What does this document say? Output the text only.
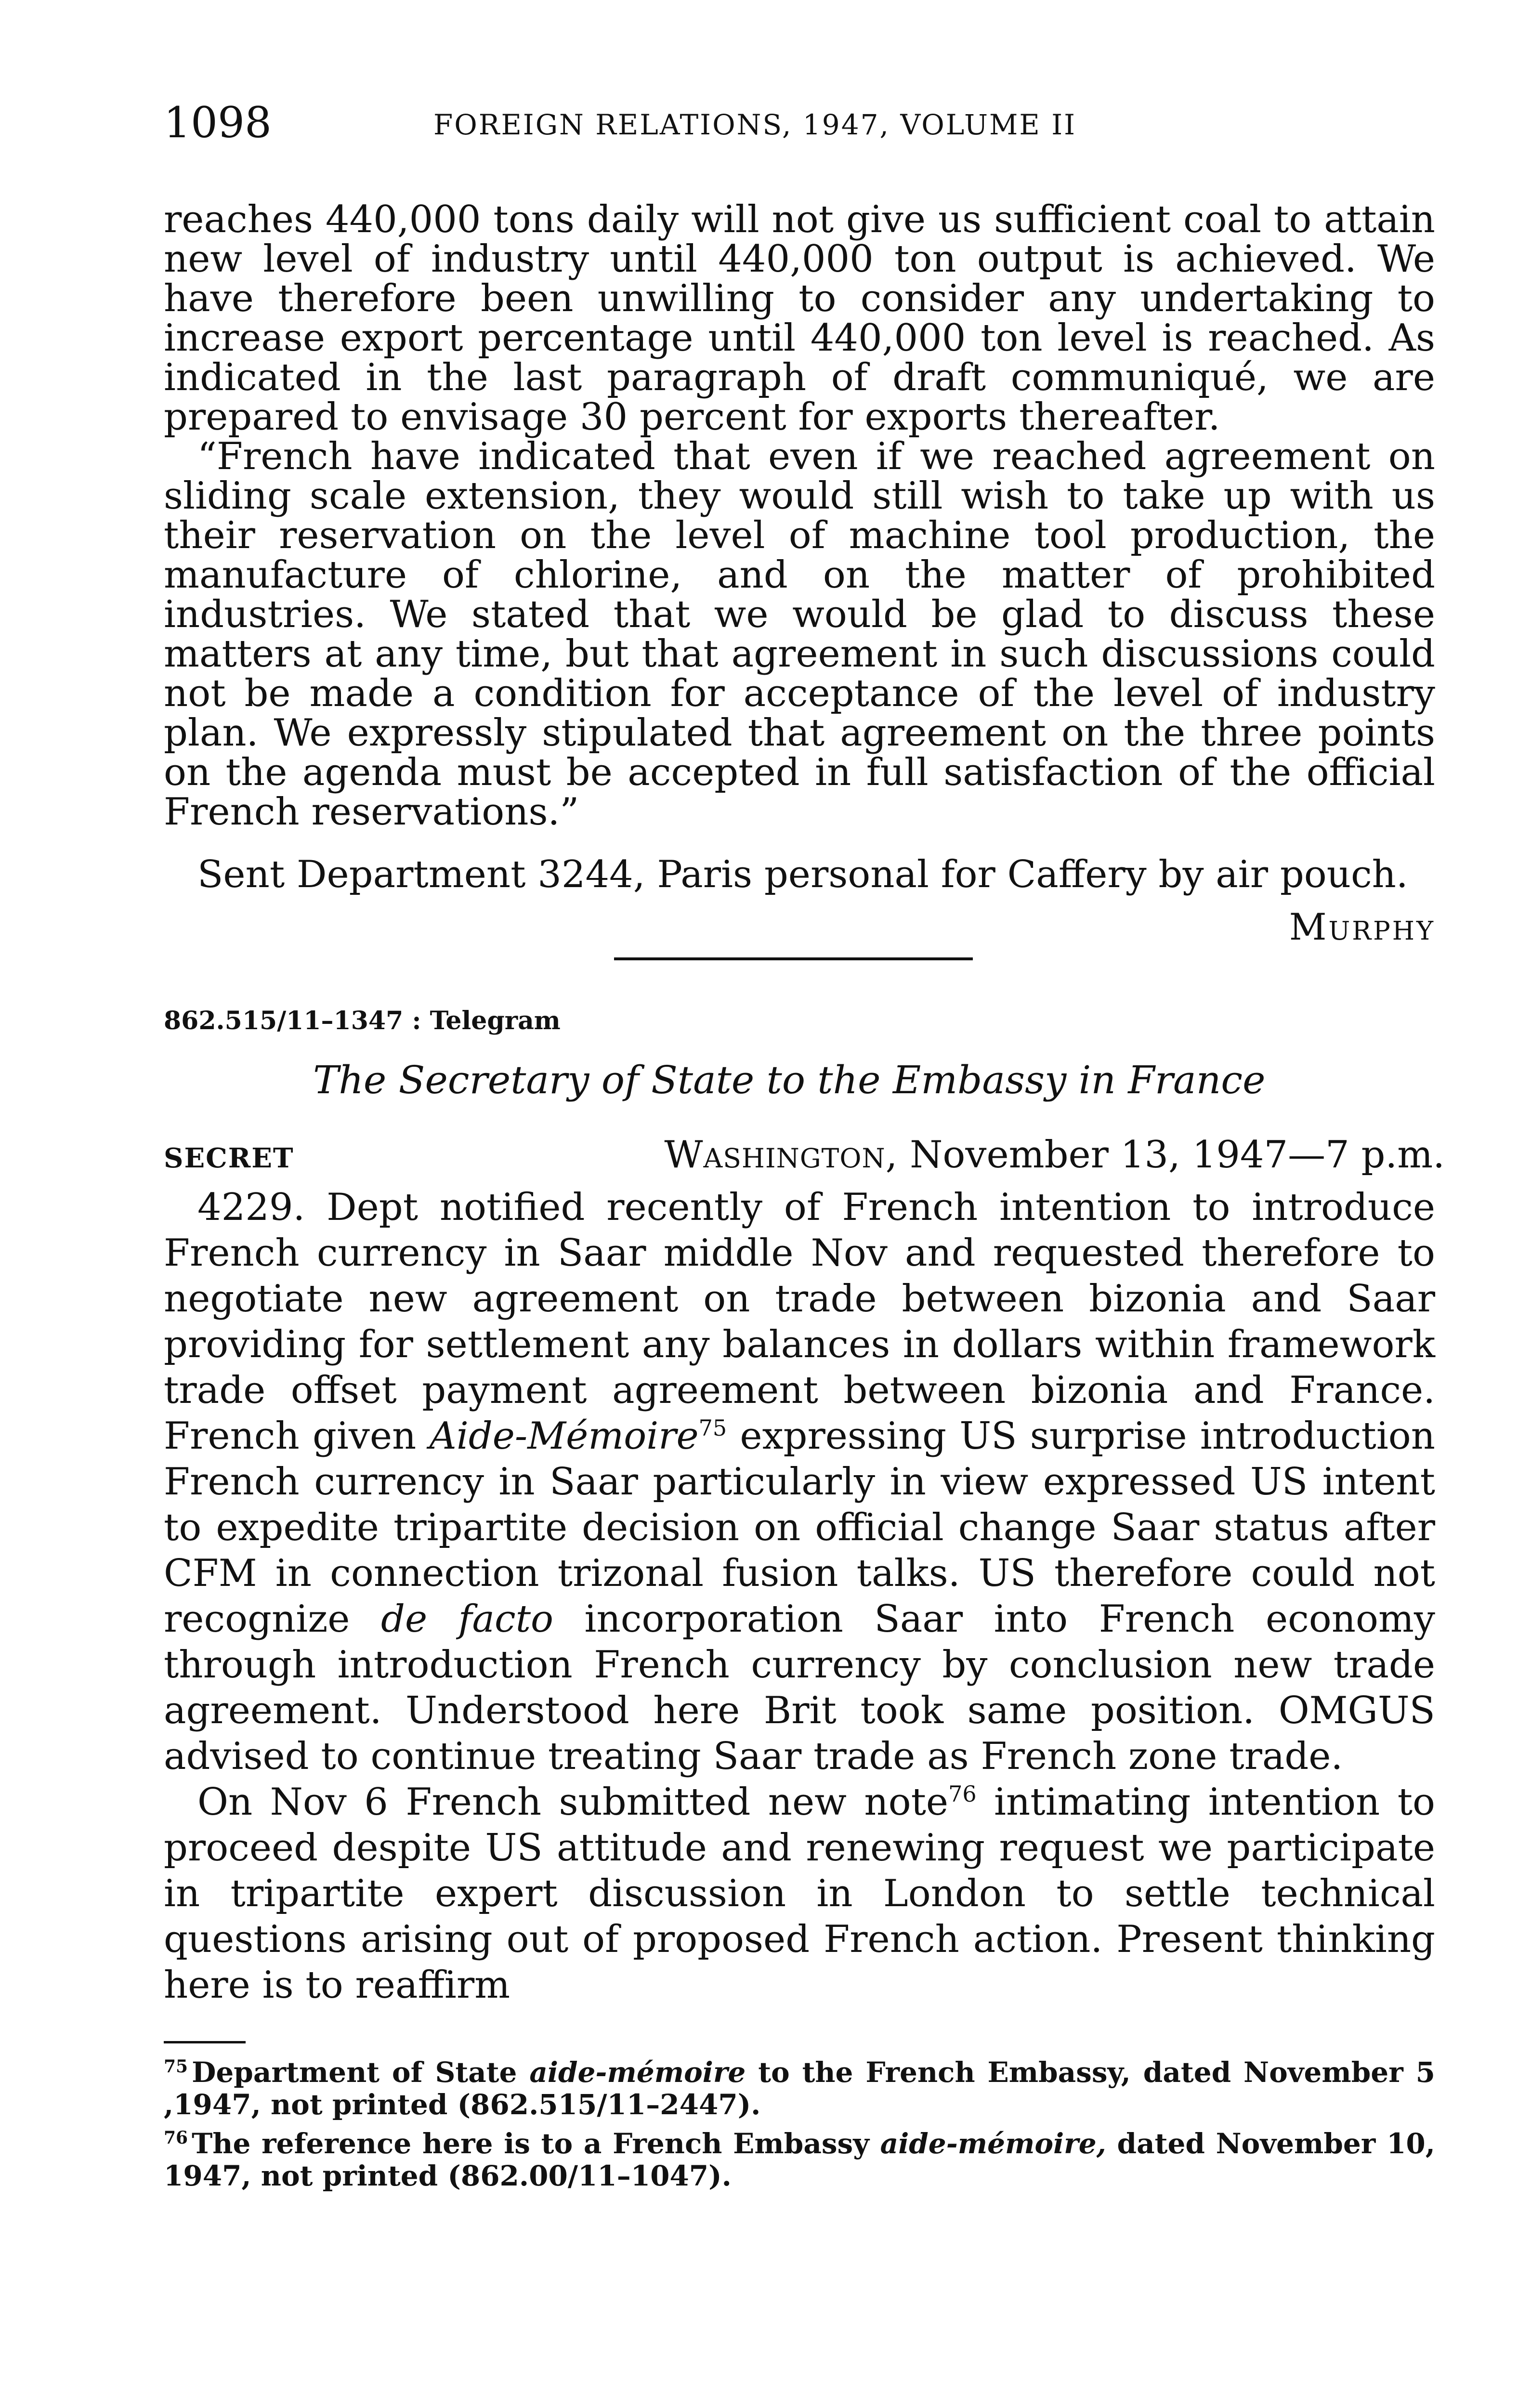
1098	FOREIGN RELATIONS, 1947, VOLUME II

reaches 440,000 tons daily will not give us sufficient coal to attain new level of industry until 440,000 ton output is achieved. We have therefore been unwilling to consider any undertaking to increase export percentage until 440,000 ton level is reached. As indicated in the last paragraph of draft communiqué, we are prepared to envisage 30 percent for exports thereafter.

“French have indicated that even if we reached agreement on sliding scale extension, they would still wish to take up with us their reservation on the level of machine tool production, the manufacture of chlorine, and on the matter of prohibited industries. We stated that we would be glad to discuss these matters at any time, but that agreement in such discussions could not be made a condition for acceptance of the level of industry plan. We expressly stipulated that agreement on the three points on the agenda must be accepted in full satisfaction of the official French reservations.”

Sent Department 3244, Paris personal for Caffery by air pouch.

Murphy
862.515/11–1347 : Telegram
The Secretary of State to the Embassy in France
SECRET	Washington, November 13, 1947—7 p.m.

4229. Dept notified recently of French intention to introduce French currency in Saar middle Nov and requested therefore to negotiate new agreement on trade between bizonia and Saar providing for settlement any balances in dollars within framework trade offset payment agreement between bizonia and France. French given Aide-Mémoire$^{75}$ expressing US surprise introduction French currency in Saar particularly in view expressed US intent to expedite tripartite decision on official change Saar status after CFM in connection trizonal fusion talks. US therefore could not recognize de facto incorporation Saar into French economy through introduction French currency by conclusion new trade agreement. Understood here Brit took same position. OMGUS advised to continue treating Saar trade as French zone trade.

On Nov 6 French submitted new note$^{76}$ intimating intention to proceed despite US attitude and renewing request we participate in tripartite expert discussion in London to settle technical questions arising out of proposed French action. Present thinking here is to reaffirm

$^{75}$ Department of State aide-mémoire to the French Embassy, dated November 5 ,1947, not printed (862.515/11–2447).

$^{76}$ The reference here is to a French Embassy aide-mémoire, dated November 10, 1947, not printed (862.00/11–1047).
